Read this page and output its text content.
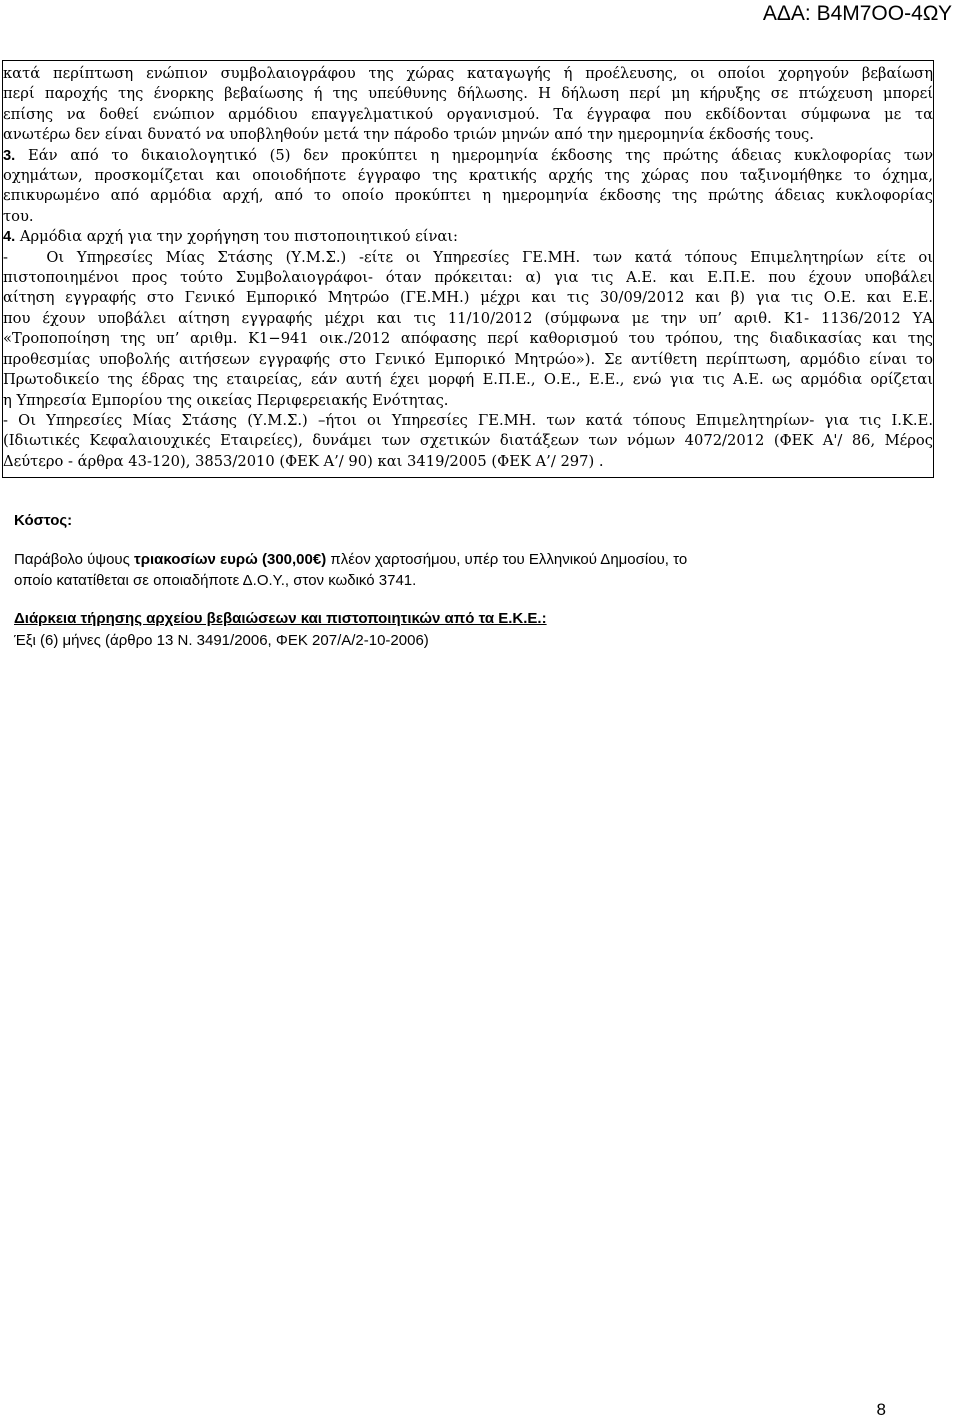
ΑΔΑ: Β4Μ7ΟΟ-4ΩΥ

κατά περίπτωση ενώπιον συμβολαιογράφου της χώρας καταγωγής ή προέλευσης, οι οποίοι χορηγούν βεβαίωση

περί παροχής της ένορκης βεβαίωσης ή της υπεύθυνης δήλωσης. Η δήλωση περί μη κήρυξης σε πτώχευση μπορεί

επίσης να δοθεί ενώπιον αρμόδιου επαγγελματικού οργανισμού. Τα έγγραφα που εκδίδονται σύμφωνα με τα

ανωτέρω δεν είναι δυνατό να υποβληθούν μετά την πάροδο τριών μηνών από την ημερομηνία έκδοσής τους.

3. Εάν από το δικαιολογητικό (5) δεν προκύπτει η ημερομηνία έκδοσης της πρώτης άδειας κυκλοφορίας των

οχημάτων, προσκομίζεται και οποιοδήποτε έγγραφο της κρατικής αρχής της χώρας που ταξινομήθηκε το όχημα,

επικυρωμένο από αρμόδια αρχή, από το οποίο προκύπτει η ημερομηνία έκδοσης της πρώτης άδειας κυκλοφορίας

του.

4. Αρμόδια αρχή για την χορήγηση του πιστοποιητικού είναι:

-   Οι Υπηρεσίες Μίας Στάσης (Υ.Μ.Σ.) -είτε οι Υπηρεσίες ΓΕ.ΜΗ. των κατά τόπους Επιμελητηρίων είτε οι

πιστοποιημένοι προς τούτο Συμβολαιογράφοι- όταν πρόκειται: α) για τις Α.Ε. και Ε.Π.Ε. που έχουν υποβάλει

αίτηση εγγραφής στο Γενικό Εμπορικό Μητρώο (ΓΕ.ΜΗ.) μέχρι και τις 30/09/2012 και β) για τις Ο.Ε. και Ε.Ε.

που έχουν υποβάλει αίτηση εγγραφής μέχρι και τις 11/10/2012 (σύμφωνα με την υπ’ αριθ. Κ1- 1136/2012 ΥΑ

«Τροποποίηση της υπ’ αριθμ. Κ1−941 οικ./2012 απόφασης περί καθορισμού του τρόπου, της διαδικασίας και της

προθεσμίας υποβολής αιτήσεων εγγραφής στο Γενικό Εμπορικό Μητρώο»). Σε αντίθετη περίπτωση, αρμόδιο είναι το

Πρωτοδικείο της έδρας της εταιρείας, εάν αυτή έχει μορφή Ε.Π.Ε., Ο.Ε., Ε.Ε., ενώ για τις Α.Ε. ως αρμόδια ορίζεται

η Υπηρεσία Εμπορίου της οικείας Περιφερειακής Ενότητας.

- Οι Υπηρεσίες Μίας Στάσης (Υ.Μ.Σ.) –ήτοι οι Υπηρεσίες ΓΕ.ΜΗ. των κατά τόπους Επιμελητηρίων- για τις Ι.Κ.Ε.

(Ιδιωτικές Κεφαλαιουχικές Εταιρείες), δυνάμει των σχετικών διατάξεων των νόμων 4072/2012 (ΦΕΚ Α'/ 86, Μέρος

Δεύτερο - άρθρα 43-120), 3853/2010 (ΦΕΚ Α’/ 90) και 3419/2005 (ΦΕΚ Α’/ 297) .

Κόστος:
Παράβολο ύψους τριακοσίων ευρώ (300,00€) πλέον χαρτοσήμου, υπέρ του Ελληνικού Δημοσίου, το
οποίο κατατίθεται σε οποιαδήποτε Δ.Ο.Υ., στον κωδικό 3741.
Διάρκεια τήρησης αρχείου βεβαιώσεων και πιστοποιητικών από τα Ε.Κ.Ε.:
Έξι (6) μήνες (άρθρο 13 Ν. 3491/2006, ΦΕΚ 207/Α/2-10-2006)
8
